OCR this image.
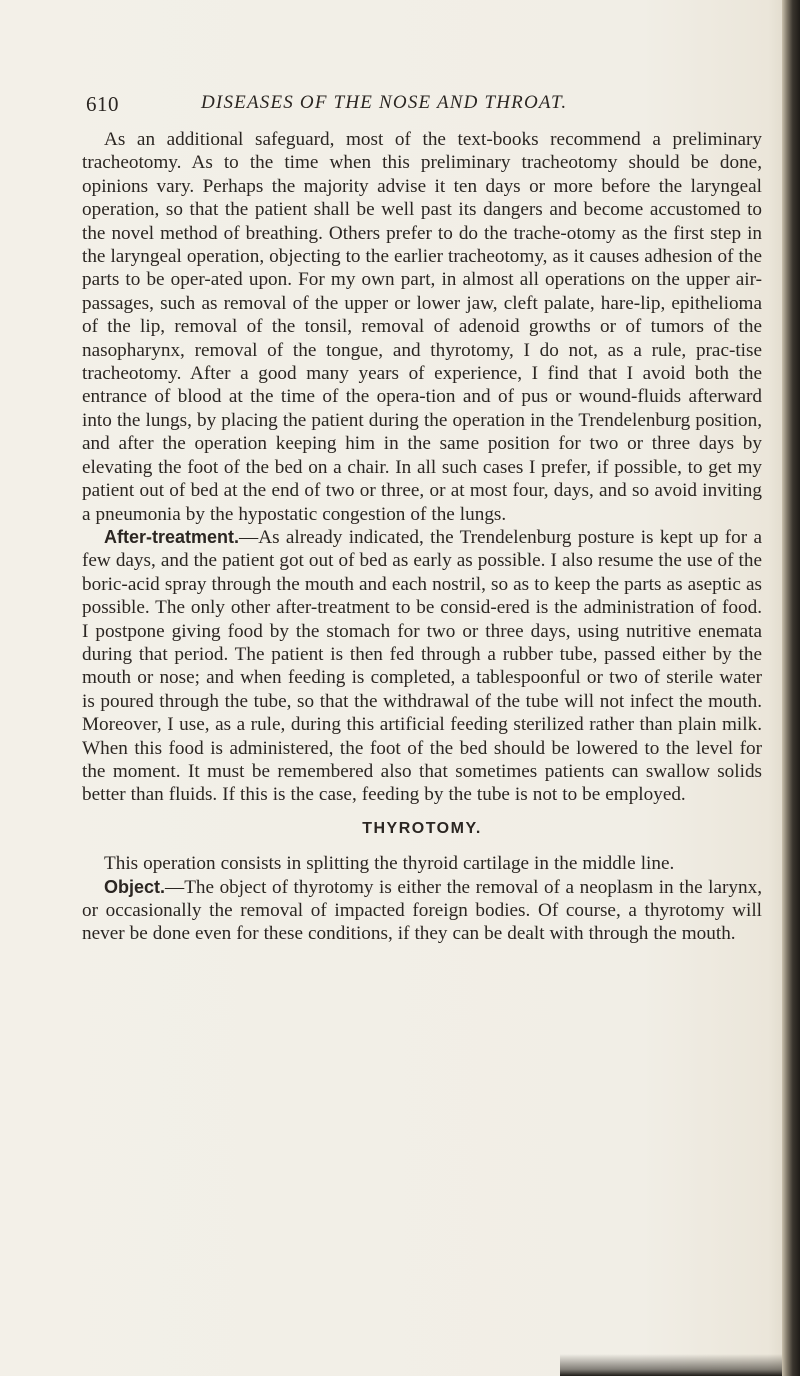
610	DISEASES OF THE NOSE AND THROAT.

As an additional safeguard, most of the text-books recommend a preliminary tracheotomy. As to the time when this preliminary tracheotomy should be done, opinions vary. Perhaps the majority advise it ten days or more before the laryngeal operation, so that the patient shall be well past its dangers and become accustomed to the novel method of breathing. Others prefer to do the trache-otomy as the first step in the laryngeal operation, objecting to the earlier tracheotomy, as it causes adhesion of the parts to be oper-ated upon. For my own part, in almost all operations on the upper air-passages, such as removal of the upper or lower jaw, cleft palate, hare-lip, epithelioma of the lip, removal of the tonsil, removal of adenoid growths or of tumors of the nasopharynx, removal of the tongue, and thyrotomy, I do not, as a rule, prac-tise tracheotomy. After a good many years of experience, I find that I avoid both the entrance of blood at the time of the opera-tion and of pus or wound-fluids afterward into the lungs, by placing the patient during the operation in the Trendelenburg position, and after the operation keeping him in the same position for two or three days by elevating the foot of the bed on a chair. In all such cases I prefer, if possible, to get my patient out of bed at the end of two or three, or at most four, days, and so avoid inviting a pneumonia by the hypostatic congestion of the lungs.

After-treatment.—As already indicated, the Trendelenburg posture is kept up for a few days, and the patient got out of bed as early as possible. I also resume the use of the boric-acid spray through the mouth and each nostril, so as to keep the parts as aseptic as possible. The only other after-treatment to be consid-ered is the administration of food. I postpone giving food by the stomach for two or three days, using nutritive enemata during that period. The patient is then fed through a rubber tube, passed either by the mouth or nose; and when feeding is completed, a tablespoonful or two of sterile water is poured through the tube, so that the withdrawal of the tube will not infect the mouth. Moreover, I use, as a rule, during this artificial feeding sterilized rather than plain milk. When this food is administered, the foot of the bed should be lowered to the level for the moment. It must be remembered also that sometimes patients can swallow solids better than fluids. If this is the case, feeding by the tube is not to be employed.

THYROTOMY.

This operation consists in splitting the thyroid cartilage in the middle line.

Object.—The object of thyrotomy is either the removal of a neoplasm in the larynx, or occasionally the removal of impacted foreign bodies. Of course, a thyrotomy will never be done even for these conditions, if they can be dealt with through the mouth.
